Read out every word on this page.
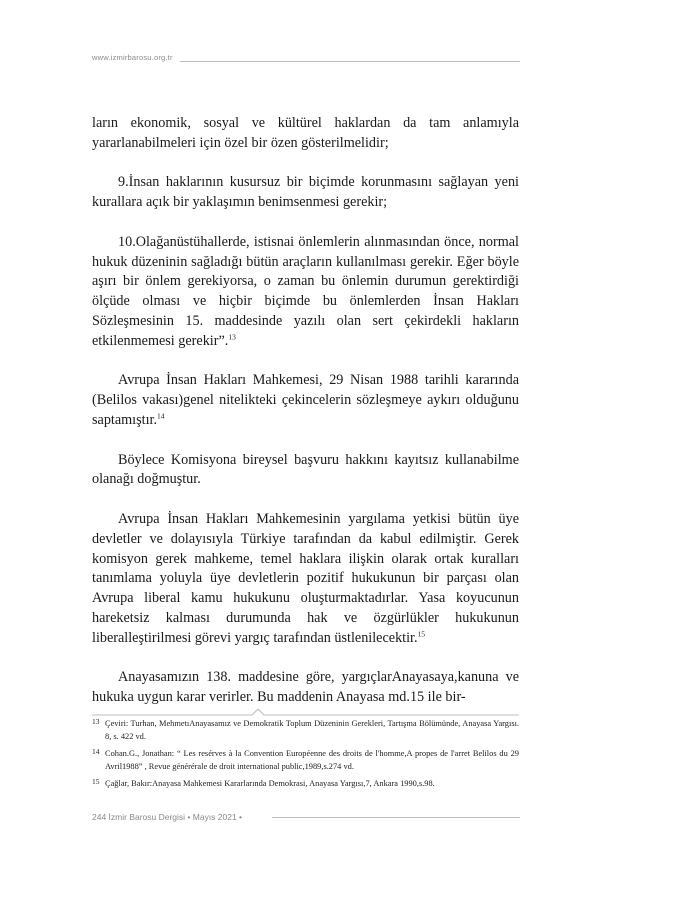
www.izmirbarosu.org.tr

ların ekonomik, sosyal ve kültürel haklardan da tam anlamıyla yararlanabilmeleri için özel bir özen gösterilmelidir;

9.İnsan haklarının kusursuz bir biçimde korunmasını sağlayan yeni kurallara açık bir yaklaşımın benimsenmesi gerekir;

10.Olağanüstühallerde, istisnai önlemlerin alınmasından önce, normal hukuk düzeninin sağladığı bütün araçların kullanılması gerekir. Eğer böyle aşırı bir önlem gerekiyorsa, o zaman bu önlemin durumun gerektirdiği ölçüde olması ve hiçbir biçimde bu önlemlerden İnsan Hakları Sözleşmesinin 15. maddesinde yazılı olan sert çekirdekli hakların etkilenmemesi gerekir”.$^{13}$

Avrupa İnsan Hakları Mahkemesi, 29 Nisan 1988 tarihli kararında (Belilos vakası)genel nitelikteki çekincelerin sözleşmeye aykırı olduğunu saptamıştır.$^{14}$

Böylece Komisyona bireysel başvuru hakkını kayıtsız kullanabilme olanağı doğmuştur.

Avrupa İnsan Hakları Mahkemesinin yargılama yetkisi bütün üye devletler ve dolayısıyla Türkiye tarafından da kabul edilmiştir. Gerek komisyon gerek mahkeme, temel haklara ilişkin olarak ortak kuralları tanımlama yoluyla üye devletlerin pozitif hukukunun bir parçası olan Avrupa liberal kamu hukukunu oluşturmaktadırlar. Yasa koyucunun hareketsiz kalması durumunda hak ve özgürlükler hukukunun liberalleştirilmesi görevi yargıç tarafından üstlenilecektir.$^{15}$

Anayasamızın 138. maddesine göre, yargıçlarAnayasaya,kanuna ve hukuka uygun karar verirler. Bu maddenin Anayasa md.15 ile bir-

13 Çeviri: Turhan, MehmetıAnayasamız ve Demokratik Toplum Düzeninin Gerekleri, Tartışma Bölümünde, Anayasa Yargısı. 8, s. 422 vd.
14 Cohan.G., Jonathan: “ Les resérves à la Convention Européenne des droits de l'homme,A propes de l'arret Belilos du 29 Avril1988” , Revue générérale de droit international public,1989,s.274 vd.
15 Çağlar, Bakır:Anayasa Mahkemesi Kararlarında Demokrasi, Anayasa Yargısı,7, Ankara 1990,s.98.
244 İzmir Barosu Dergisi • Mayıs 2021 •
